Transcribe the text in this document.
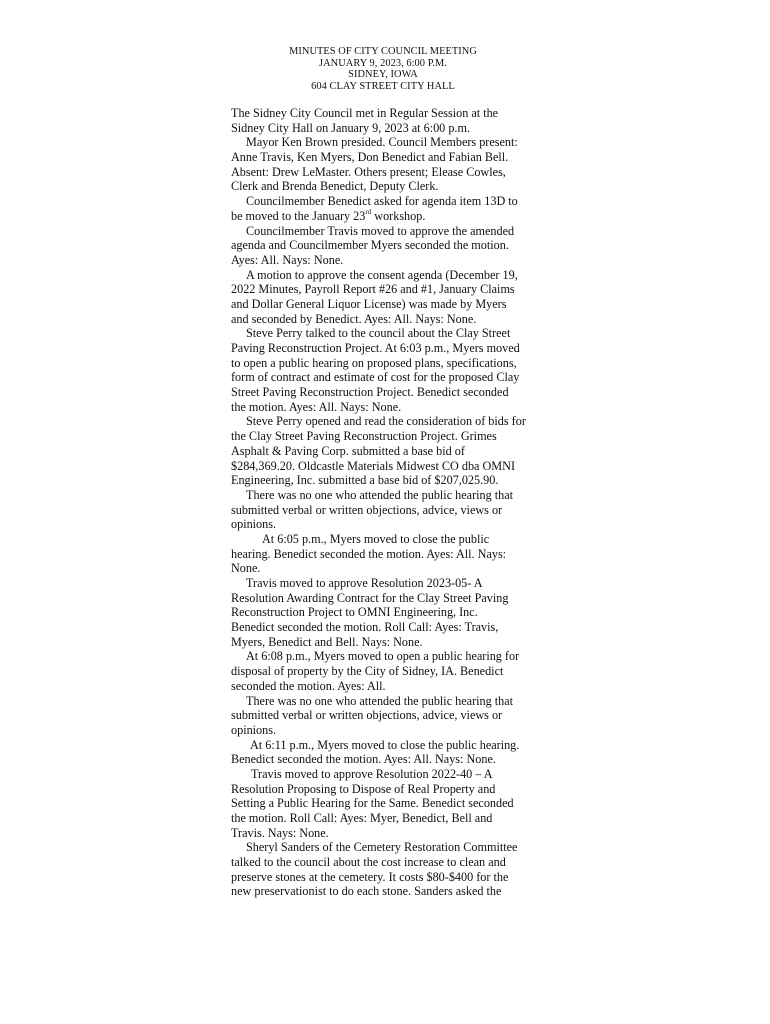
MINUTES OF CITY COUNCIL MEETING
JANUARY 9, 2023, 6:00 P.M.
SIDNEY, IOWA
604 CLAY STREET CITY HALL
The Sidney City Council met in Regular Session at the
Sidney City Hall on January 9, 2023 at 6:00 p.m.
Mayor Ken Brown presided. Council Members present:
Anne Travis, Ken Myers, Don Benedict and Fabian Bell.
Absent: Drew LeMaster. Others present; Elease Cowles,
Clerk and Brenda Benedict, Deputy Clerk.
Councilmember Benedict asked for agenda item 13D to
be moved to the January 23rd workshop.
Councilmember Travis moved to approve the amended
agenda and Councilmember Myers seconded the motion.
Ayes: All. Nays: None.
A motion to approve the consent agenda (December 19,
2022 Minutes, Payroll Report #26 and #1, January Claims
and Dollar General Liquor License) was made by Myers
and seconded by Benedict. Ayes: All. Nays: None.
Steve Perry talked to the council about the Clay Street
Paving Reconstruction Project. At 6:03 p.m., Myers moved
to open a public hearing on proposed plans, specifications,
form of contract and estimate of cost for the proposed Clay
Street Paving Reconstruction Project. Benedict seconded
the motion. Ayes: All. Nays: None.
Steve Perry opened and read the consideration of bids for
the Clay Street Paving Reconstruction Project. Grimes
Asphalt & Paving Corp. submitted a base bid of
$284,369.20. Oldcastle Materials Midwest CO dba OMNI
Engineering, Inc. submitted a base bid of $207,025.90.
There was no one who attended the public hearing that
submitted verbal or written objections, advice, views or
opinions.
At 6:05 p.m., Myers moved to close the public
hearing. Benedict seconded the motion. Ayes: All. Nays:
None.
Travis moved to approve Resolution 2023-05- A
Resolution Awarding Contract for the Clay Street Paving
Reconstruction Project to OMNI Engineering, Inc.
Benedict seconded the motion. Roll Call: Ayes: Travis,
Myers, Benedict and Bell. Nays: None.
At 6:08 p.m., Myers moved to open a public hearing for
disposal of property by the City of Sidney, IA. Benedict
seconded the motion. Ayes: All.
There was no one who attended the public hearing that
submitted verbal or written objections, advice, views or
opinions.
At 6:11 p.m., Myers moved to close the public hearing.
Benedict seconded the motion. Ayes: All. Nays: None.
Travis moved to approve Resolution 2022-40 – A
Resolution Proposing to Dispose of Real Property and
Setting a Public Hearing for the Same. Benedict seconded
the motion. Roll Call: Ayes: Myer, Benedict, Bell and
Travis. Nays: None.
Sheryl Sanders of the Cemetery Restoration Committee
talked to the council about the cost increase to clean and
preserve stones at the cemetery. It costs $80-$400 for the
new preservationist to do each stone. Sanders asked the
